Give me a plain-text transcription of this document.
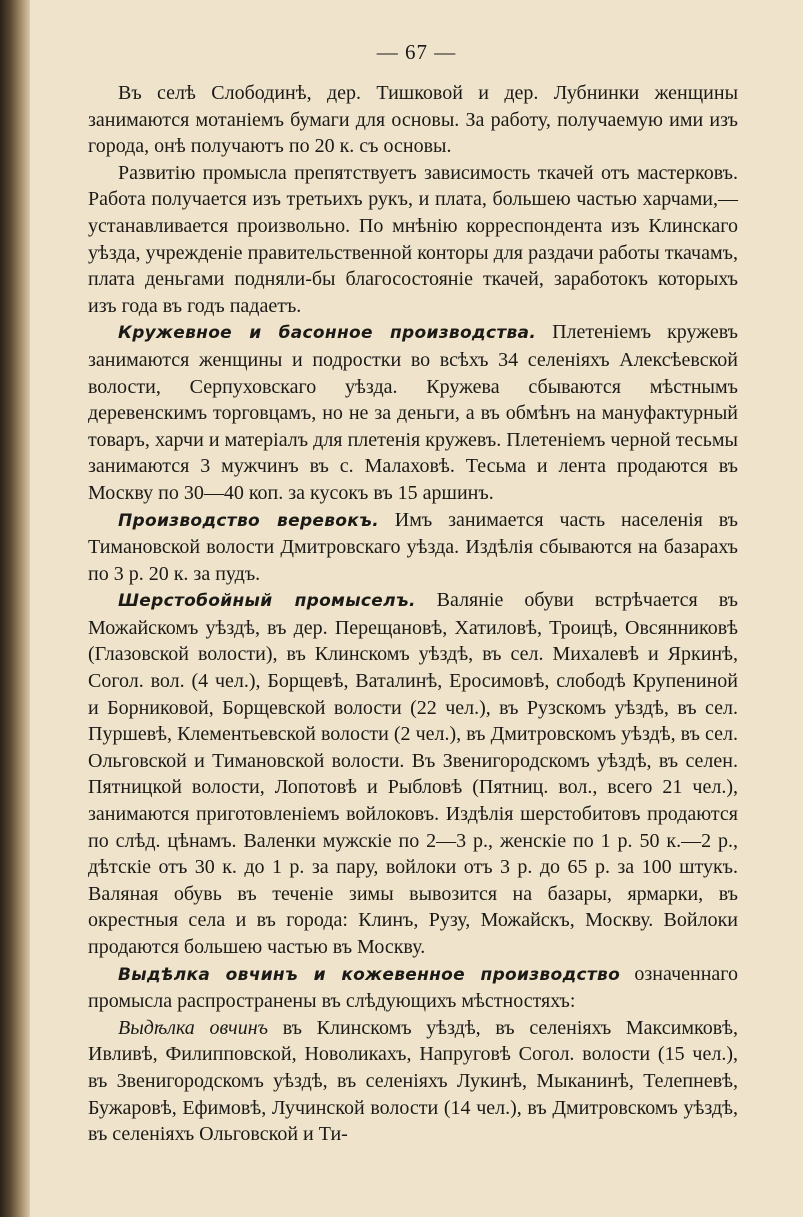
— 67 —

Въ селѣ Слободинѣ, дер. Тишковой и дер. Лубнинки женщины занимаются мотаніемъ бумаги для основы. За работу, получаемую ими изъ города, онѣ получаютъ по 20 к. съ основы.

Развитію промысла препятствуетъ зависимость ткачей отъ мастерковъ. Работа получается изъ третьихъ рукъ, и плата, большею частью харчами,—устанавливается произвольно. По мнѣнію корреспондента изъ Клинскаго уѣзда, учрежденіе правительственной конторы для раздачи работы ткачамъ, плата деньгами подняли-бы благосостояніе ткачей, заработокъ которыхъ изъ года въ годъ падаетъ.

Кружевное и басонное производства. Плетеніемъ кружевъ занимаются женщины и подростки во всѣхъ 34 селеніяхъ Алексѣевской волости, Серпуховскаго уѣзда. Кружева сбываются мѣстнымъ деревенскимъ торговцамъ, но не за деньги, а въ обмѣнъ на мануфактурный товаръ, харчи и матеріалъ для плетенія кружевъ. Плетеніемъ черной тесьмы занимаются 3 мужчинъ въ с. Малаховѣ. Тесьма и лента продаются въ Москву по 30—40 коп. за кусокъ въ 15 аршинъ.

Производство веревокъ. Имъ занимается часть населенія въ Тимановской волости Дмитровскаго уѣзда. Издѣлія сбываются на базарахъ по 3 р. 20 к. за пудъ.

Шерстобойный промыселъ. Валяніе обуви встрѣчается въ Можайскомъ уѣздѣ, въ дер. Перещановѣ, Хатиловѣ, Троицѣ, Овсянниковѣ (Глазовской волости), въ Клинскомъ уѣздѣ, въ сел. Михалевѣ и Яркинѣ, Согол. вол. (4 чел.), Борщевѣ, Ваталинѣ, Еросимовѣ, слободѣ Крупениной и Борниковой, Борщевской волости (22 чел.), въ Рузскомъ уѣздѣ, въ сел. Пуршевѣ, Клементьевской волости (2 чел.), въ Дмитровскомъ уѣздѣ, въ сел. Ольговской и Тимановской волости. Въ Звенигородскомъ уѣздѣ, въ селен. Пятницкой волости, Лопотовѣ и Рыбловѣ (Пятниц. вол., всего 21 чел.), занимаются приготовленіемъ войлоковъ. Издѣлія шерстобитовъ продаются по слѣд. цѣнамъ. Валенки мужскіе по 2—3 р., женскіе по 1 р. 50 к.—2 р., дѣтскіе отъ 30 к. до 1 р. за пару, войлоки отъ 3 р. до 65 р. за 100 штукъ. Валяная обувь въ теченіе зимы вывозится на базары, ярмарки, въ окрестныя села и въ города: Клинъ, Рузу, Можайскъ, Москву. Войлоки продаются большею частью въ Москву.

Выдѣлка овчинъ и кожевенное производство означеннаго промысла распространены въ слѣдующихъ мѣстностяхъ:

Выдѣлка овчинъ въ Клинскомъ уѣздѣ, въ селеніяхъ Максимковѣ, Ивливѣ, Филипповской, Новоликахъ, Напруговѣ Согол. волости (15 чел.), въ Звенигородскомъ уѣздѣ, въ селеніяхъ Лукинѣ, Мыканинѣ, Телепневѣ, Бужаровѣ, Ефимовѣ, Лучинской волости (14 чел.), въ Дмитровскомъ уѣздѣ, въ селеніяхъ Ольговской и Ти-
